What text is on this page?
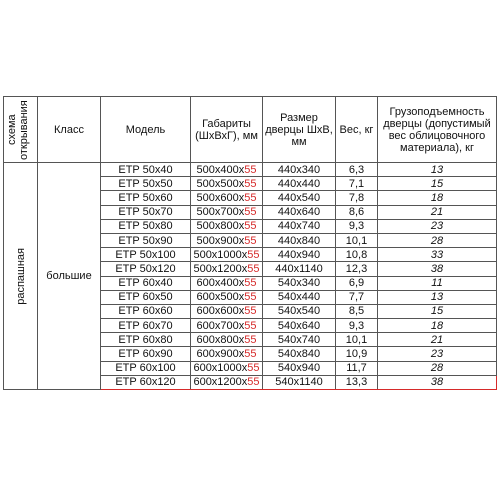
схема открывания	Класс	Модель	Габариты (ШхВхГ), мм	Размер дверцы ШхВ, мм	Вес, кг	Грузоподъемность дверцы (допустимый вес облицовочного материала), кг

распашная	большие	ETP 50x40	500x400x55	440x340	6,3	13
		ETP 50x50	500x500x55	440x440	7,1	15
		ETP 50x60	500x600x55	440x540	7,8	18
		ETP 50x70	500x700x55	440x640	8,6	21
		ETP 50x80	500x800x55	440x740	9,3	23
		ETP 50x90	500x900x55	440x840	10,1	28
		ETP 50x100	500x1000x55	440x940	10,8	33
		ETP 50x120	500x1200x55	440x1140	12,3	38
		ETP 60x40	600x400x55	540x340	6,9	11
		ETP 60x50	600x500x55	540x440	7,7	13
		ETP 60x60	600x600x55	540x540	8,5	15
		ETP 60x70	600x700x55	540x640	9,3	18
		ETP 60x80	600x800x55	540x740	10,1	21
		ETP 60x90	600x900x55	540x840	10,9	23
		ETP 60x100	600x1000x55	540x940	11,7	28
		ETP 60x120	600x1200x55	540x1140	13,3	38
